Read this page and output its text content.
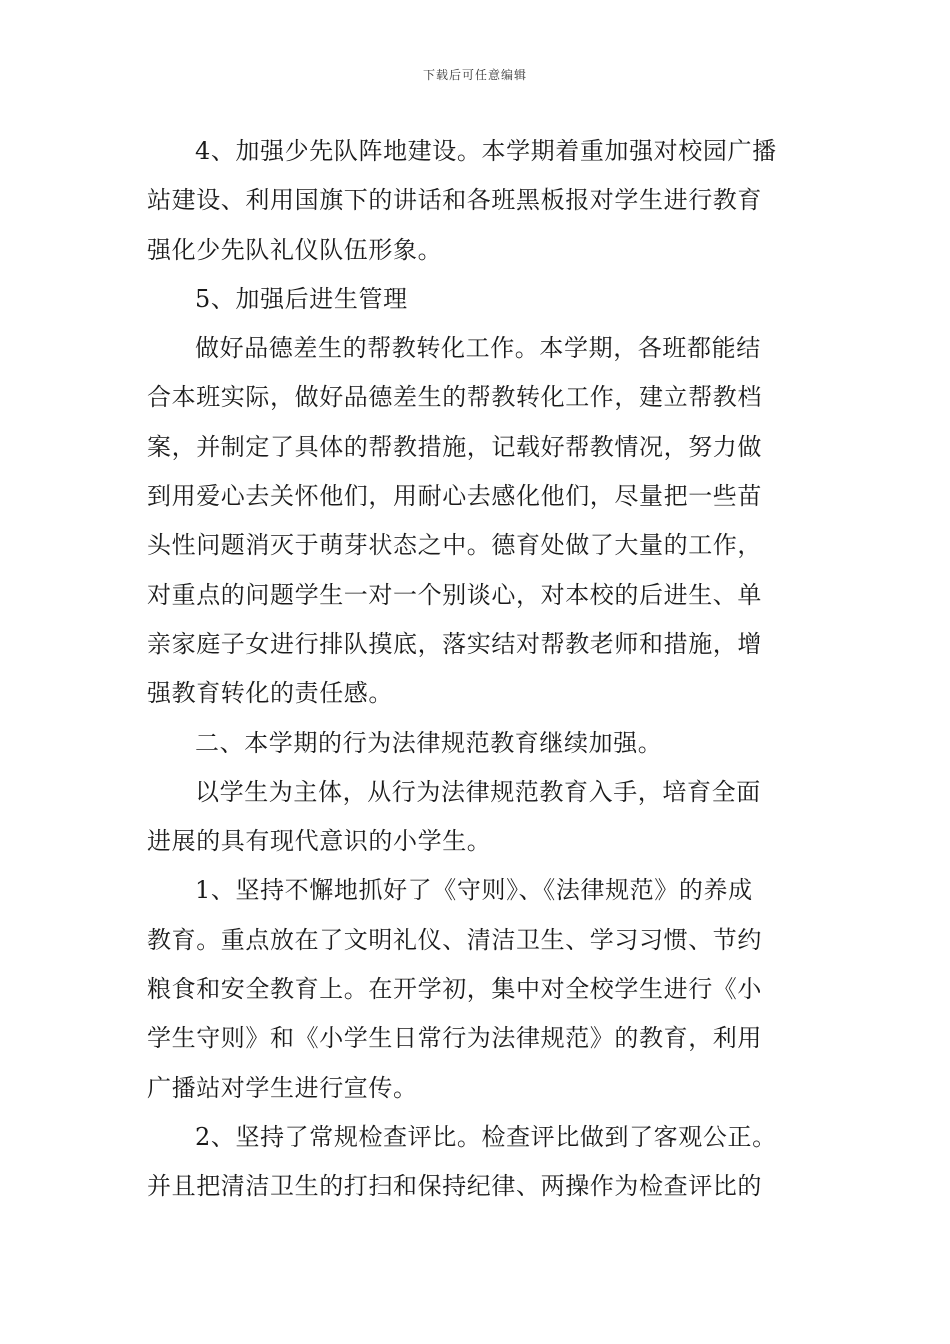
下载后可任意编辑
4、加强少先队阵地建设。本学期着重加强对校园广播
站建设、利用国旗下的讲话和各班黑板报对学生进行教育
强化少先队礼仪队伍形象。
5、加强后进生管理
做好品德差生的帮教转化工作。本学期，各班都能结
合本班实际，做好品德差生的帮教转化工作，建立帮教档
案，并制定了具体的帮教措施，记载好帮教情况，努力做
到用爱心去关怀他们，用耐心去感化他们，尽量把一些苗
头性问题消灭于萌芽状态之中。德育处做了大量的工作，
对重点的问题学生一对一个别谈心，对本校的后进生、单
亲家庭子女进行排队摸底，落实结对帮教老师和措施，增
强教育转化的责任感。
二、本学期的行为法律规范教育继续加强。
以学生为主体，从行为法律规范教育入手，培育全面
进展的具有现代意识的小学生。
1、坚持不懈地抓好了《守则》、《法律规范》的养成
教育。重点放在了文明礼仪、清洁卫生、学习习惯、节约
粮食和安全教育上。在开学初，集中对全校学生进行《小
学生守则》和《小学生日常行为法律规范》的教育，利用
广播站对学生进行宣传。
2、坚持了常规检查评比。检查评比做到了客观公正。
并且把清洁卫生的打扫和保持纪律、两操作为检查评比的
